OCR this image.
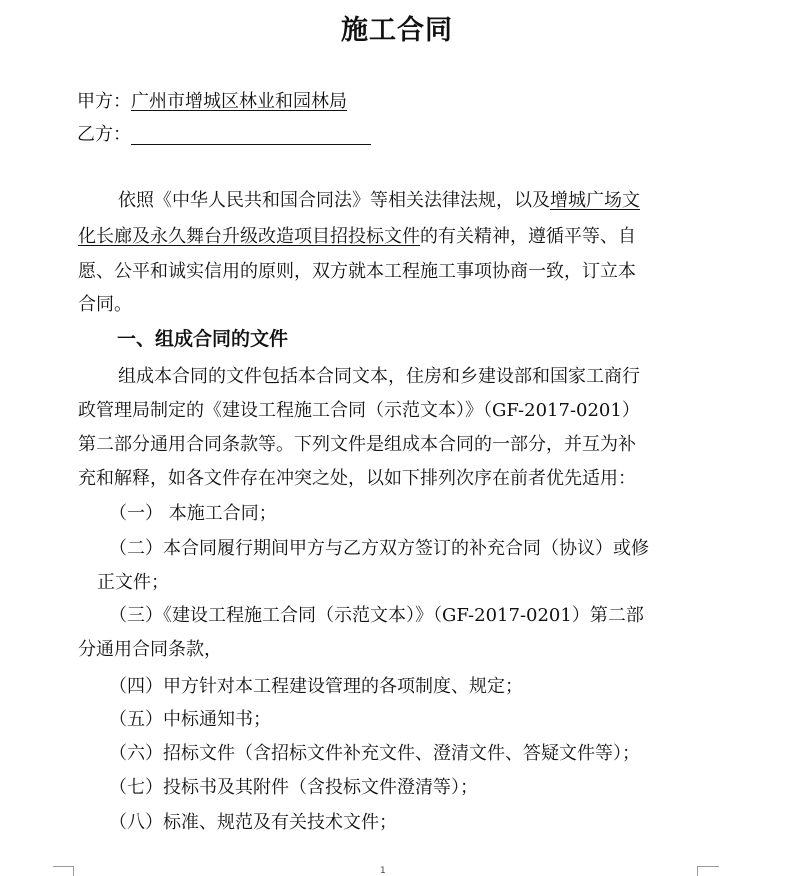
施工合同
甲方：广州市增城区林业和园林局
乙方：
依照《中华人民共和国合同法》等相关法律法规，以及增城广场文
化长廊及永久舞台升级改造项目招投标文件的有关精神，遵循平等、自
愿、公平和诚实信用的原则，双方就本工程施工事项协商一致，订立本
合同。
一、组成合同的文件
组成本合同的文件包括本合同文本，住房和乡建设部和国家工商行
政管理局制定的《建设工程施工合同（示范文本）》（GF-2017-0201）
第二部分通用合同条款等。下列文件是组成本合同的一部分，并互为补
充和解释，如各文件存在冲突之处，以如下排列次序在前者优先适用：
（一） 本施工合同；
（二）本合同履行期间甲方与乙方双方签订的补充合同（协议）或修
正文件；
（三）《建设工程施工合同（示范文本）》（GF-2017-0201）第二部
分通用合同条款，
（四）甲方针对本工程建设管理的各项制度、规定；
（五）中标通知书；
（六）招标文件（含招标文件补充文件、澄清文件、答疑文件等）；
（七）投标书及其附件（含投标文件澄清等）；
（八）标准、规范及有关技术文件；
1
